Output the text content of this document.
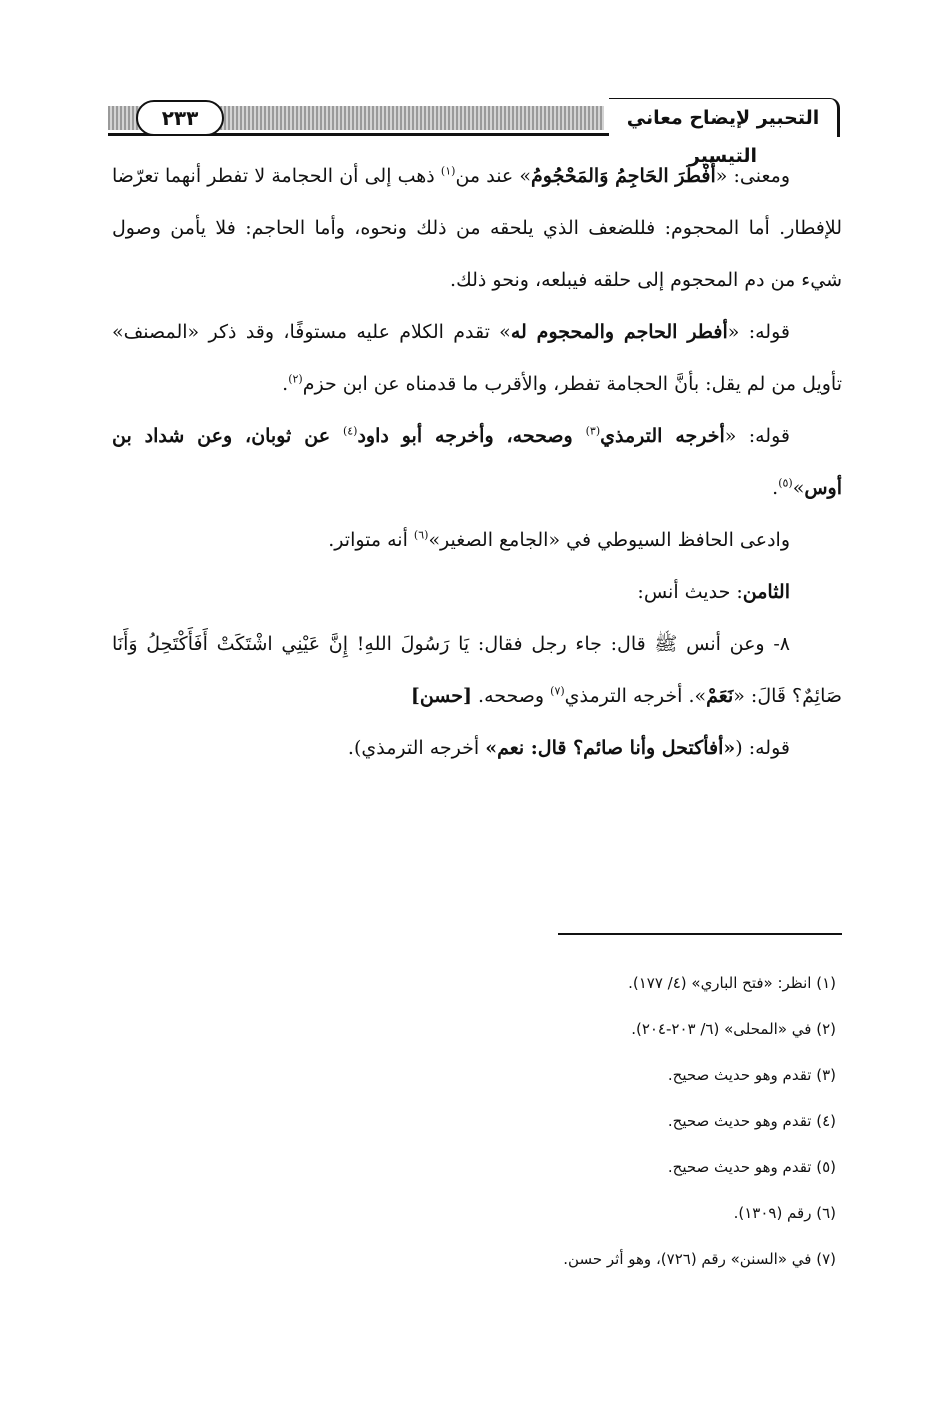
٢٣٣	التحبير لإيضاح معاني التيسير

ومعنى: «أَفْطَرَ الحَاجِمُ وَالمَحْجُومُ» عند من$^{(١)}$ ذهب إلى أن الحجامة لا تفطر أنهما تعرّضا للإفطار. أما المحجوم: فللضعف الذي يلحقه من ذلك ونحوه، وأما الحاجم: فلا يأمن وصول شيء من دم المحجوم إلى حلقه فيبلعه، ونحو ذلك.

قوله: «أفطر الحاجم والمحجوم له» تقدم الكلام عليه مستوفًا، وقد ذكر «المصنف» تأويل من لم يقل: بأنَّ الحجامة تفطر، والأقرب ما قدمناه عن ابن حزم$^{(٢)}$.

قوله: «أخرجه الترمذي$^{(٣)}$ وصححه، وأخرجه أبو داود$^{(٤)}$ عن ثوبان، وعن شداد بن أوس»$^{(٥)}$.

وادعى الحافظ السيوطي في «الجامع الصغير»$^{(٦)}$ أنه متواتر.

الثامن: حديث أنس:

٨- وعن أنس ﷺ قال: جاء رجل فقال: يَا رَسُولَ اللهِ! إِنَّ عَيْنِي اشْتَكَتْ أَفَأَكْتَحِلُ وَأَنَا صَائِمٌ؟ قَالَ: «نَعَمْ». أخرجه الترمذي$^{(٧)}$ وصححه. [حسن]

قوله: («أفأكتحل وأنا صائم؟ قال: نعم» أخرجه الترمذي).

(١) انظر: «فتح الباري» (٤/ ١٧٧).

(٢) في «المحلى» (٦/ ٢٠٣-٢٠٤).

(٣) تقدم وهو حديث صحيح.

(٤) تقدم وهو حديث صحيح.

(٥) تقدم وهو حديث صحيح.

(٦) رقم (١٣٠٩).

(٧) في «السنن» رقم (٧٢٦)، وهو أثر حسن.
